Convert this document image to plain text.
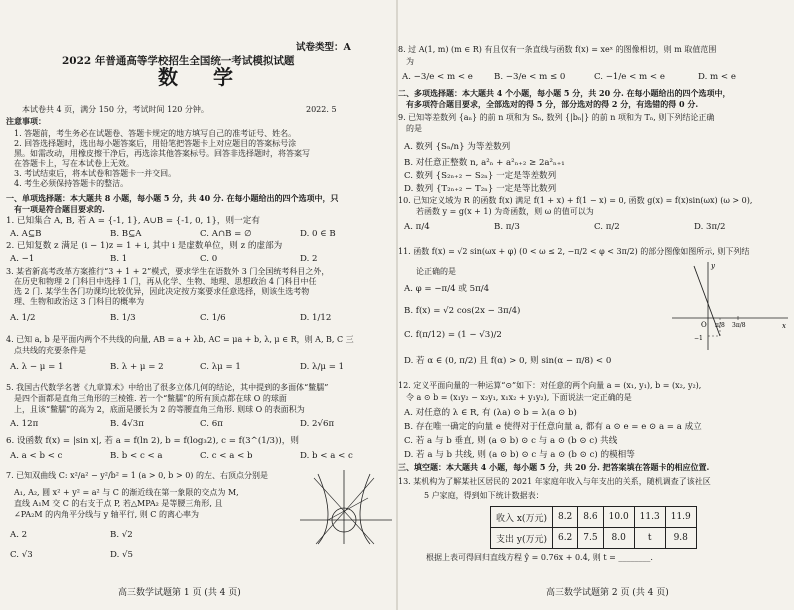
试卷类型：A
2022 年普通高等学校招生全国统一考试模拟试题
数 学
本试卷共 4 页，满分 150 分，考试时间 120 分钟。	2022. 5
注意事项：
1. 答题前，考生务必在试题卷、答题卡规定的地方填写自己的准考证号、姓名。
2. 回答选择题时，选出每小题答案后，用铅笔把答题卡上对应题目的答案标号涂
黑。如需改动，用橡皮擦干净后，再选涂其他答案标号。回答非选择题时，将答案写
在答题卡上，写在本试卷上无效。
3. 考试结束后，将本试卷和答题卡一并交回。
4. 考生必须保持答题卡的整洁。
一、单项选择题：本大题共 8 小题，每小题 5 分，共 40 分. 在每小题给出的四个选项中，只
有一项是符合题目要求的.
1. 已知集合 A, B, 若 A = {-1, 1}, A∪B = {-1, 0, 1}，则一定有
A. A⊆B	B. B⊆A	C. A∩B = ∅	D. 0 ∈ B
2. 已知复数 z 满足 (i − 1)z = 1 + i, 其中 i 是虚数单位，则 z 的虚部为
A. −1	B. 1	C. 0	D. 2
3. 某省新高考改革方案推行“3 + 1 + 2”模式，要求学生在语数外 3 门全国统考科目之外，
在历史和物理 2 门科目中选择 1 门，再从化学、生物、地理、思想政治 4 门科目中任
选 2 门. 某学生各门功课均比较优异，因此决定按方案要求任意选择，则该生选考物
理、生物和政治这 3 门科目的概率为
A. 1/2	B. 1/3	C. 1/6	D. 1/12
4. 已知 a, b 是平面内两个不共线的向量, AB = a + λb, AC = μa + b, λ, μ ∈ R，则 A, B, C 三
点共线的充要条件是
A. λ − μ = 1	B. λ + μ = 2	C. λμ = 1	D. λ/μ = 1
5. 我国古代数学名著《九章算术》中给出了很多立体几何的结论，其中提到的多面体“鳖臑”
是四个面都是直角三角形的三棱锥. 若一个“鳖臑”的所有顶点都在球 O 的球面
上，且该“鳖臑”的高为 2，底面是腰长为 2 的等腰直角三角形. 则球 O 的表面积为
A. 12π	B. 4√3π	C. 6π	D. 2√6π
6. 设函数 f(x) = |sin x|, 若 a = f(ln 2), b = f(log₃2), c = f(3^(1/3))，则
A. a < b < c	B. b < c < a	C. c < a < b	D. b < a < c
7. 已知双曲线 C: x²/a² − y²/b² = 1 (a > 0, b > 0) 的左、右顶点分别是
A₁, A₂, 圆 x² + y² = a² 与 C 的渐近线在第一象限的交点为 M,
直线 A₁M 交 C 的右支于点 P, 若△MPA₂ 是等腰三角形, 且
∠PA₂M 的内角平分线与 y 轴平行, 则 C 的离心率为
A. 2	B. √2
C. √3	D. √5
高三数学试题第 1 页 (共 4 页)
8. 过 A(1, m) (m ∈ R) 有且仅有一条直线与函数 f(x) = xeˣ 的图像相切，则 m 取值范围
为
A. −3/e < m < e B. −3/e < m ≤ 0	C. −1/e < m < e	D. m < e
二、多项选择题：本大题共 4 个小题，每小题 5 分，共 20 分. 在每小题给出的四个选项中，
有多项符合题目要求，全部选对的得 5 分，部分选对的得 2 分，有选错的得 0 分.
9. 已知等差数列 {aₙ} 的前 n 项和为 Sₙ, 数列 {|bₙ|} 的前 n 项和为 Tₙ, 则下列结论正确
的是
A. 数列 {Sₙ/n} 为等差数列
B. 对任意正整数 n, a²ₙ + a²ₙ₊₂ ≥ 2a²ₙ₊₁
C. 数列 {S₂ₙ₊₂ − S₂ₙ} 一定是等差数列
D. 数列 {T₂ₙ₊₂ − T₂ₙ} 一定是等比数列
10. 已知定义域为 R 的函数 f(x) 满足 f(1 + x) + f(1 − x) = 0, 函数 g(x) = f(x)sin(ωx) (ω > 0),
若函数 y = g(x + 1) 为奇函数，则 ω 的值可以为
A. π/4	B. π/3	C. π/2	D. 3π/2
11. 函数 f(x) = √2 sin(ωx + φ) (0 < ω ≤ 2, −π/2 < φ < 3π/2) 的部分图像如图所示, 则下列结
论正确的是
A. φ = −π/4 或 5π/4
B. f(x) = √2 cos(2x − 3π/4)
C. f(π/12) = (1 − √3)/2
D. 若 α ∈ (0, π/2) 且 f(α) > 0, 则 sin(α − π/8) < 0
O π/8 3π/8	x
y
−1
12. 定义平面向量的一种运算“⊙”如下：对任意的两个向量 a = (x₁, y₁), b = (x₂, y₂),
令 a ⊙ b = (x₁y₂ − x₂y₁, x₁x₂ + y₁y₂), 下面说法一定正确的是
A. 对任意的 λ ∈ R, 有 (λa) ⊙ b = λ(a ⊙ b)
B. 存在唯一确定的向量 e 使得对于任意向量 a, 都有 a ⊙ e = e ⊙ a = a 成立
C. 若 a 与 b 垂直, 则 (a ⊙ b) ⊙ c 与 a ⊙ (b ⊙ c) 共线
D. 若 a 与 b 共线, 则 (a ⊙ b) ⊙ c 与 a ⊙ (b ⊙ c) 的模相等
三、填空题：本大题共 4 小题，每小题 5 分，共 20 分. 把答案填在答题卡的相应位置.
13. 某机构为了解某社区居民的 2021 年家庭年收入与年支出的关系，随机调查了该社区
5 户家庭，得到如下统计数据表：
收入 x(万元)	8.2	8.6	10.0	11.3	11.9
支出 y(万元)	6.2	7.5	8.0	t	9.8
根据上表可得回归直线方程 ŷ = 0.76x + 0.4, 则 t = ________.
高三数学试题第 2 页 (共 4 页)
